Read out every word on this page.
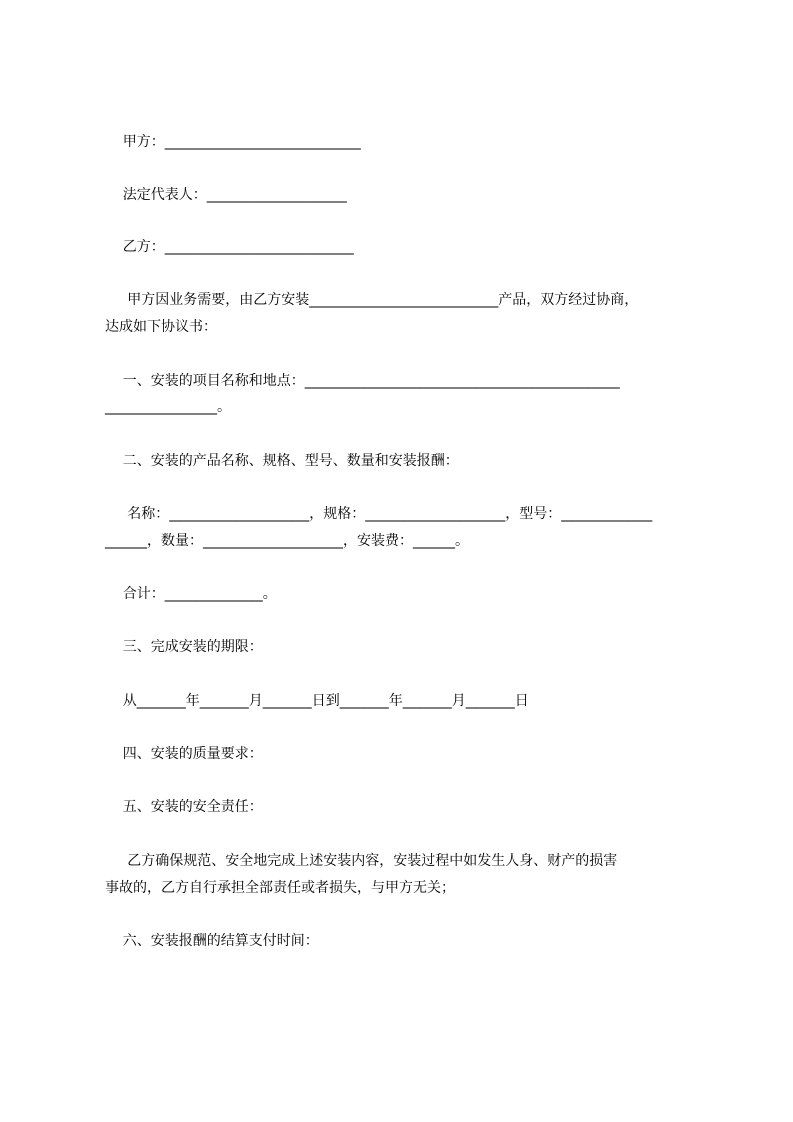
甲方：____________________________
法定代表人：____________________
乙方：___________________________
甲方因业务需要，由乙方安装___________________________产品，双方经过协商，
达成如下协议书：
一、安装的项目名称和地点：_____________________________________________
________________。
二、安装的产品名称、规格、型号、数量和安装报酬：
名称：____________________，规格：____________________，型号：_____________
______，数量：____________________，安装费：______。
合计：______________。
三、完成安装的期限：
从_______年_______月_______日到_______年_______月_______日
四、安装的质量要求：
五、安装的安全责任：
乙方确保规范、安全地完成上述安装内容，安装过程中如发生人身、财产的损害
事故的，乙方自行承担全部责任或者损失，与甲方无关；
六、安装报酬的结算支付时间：
